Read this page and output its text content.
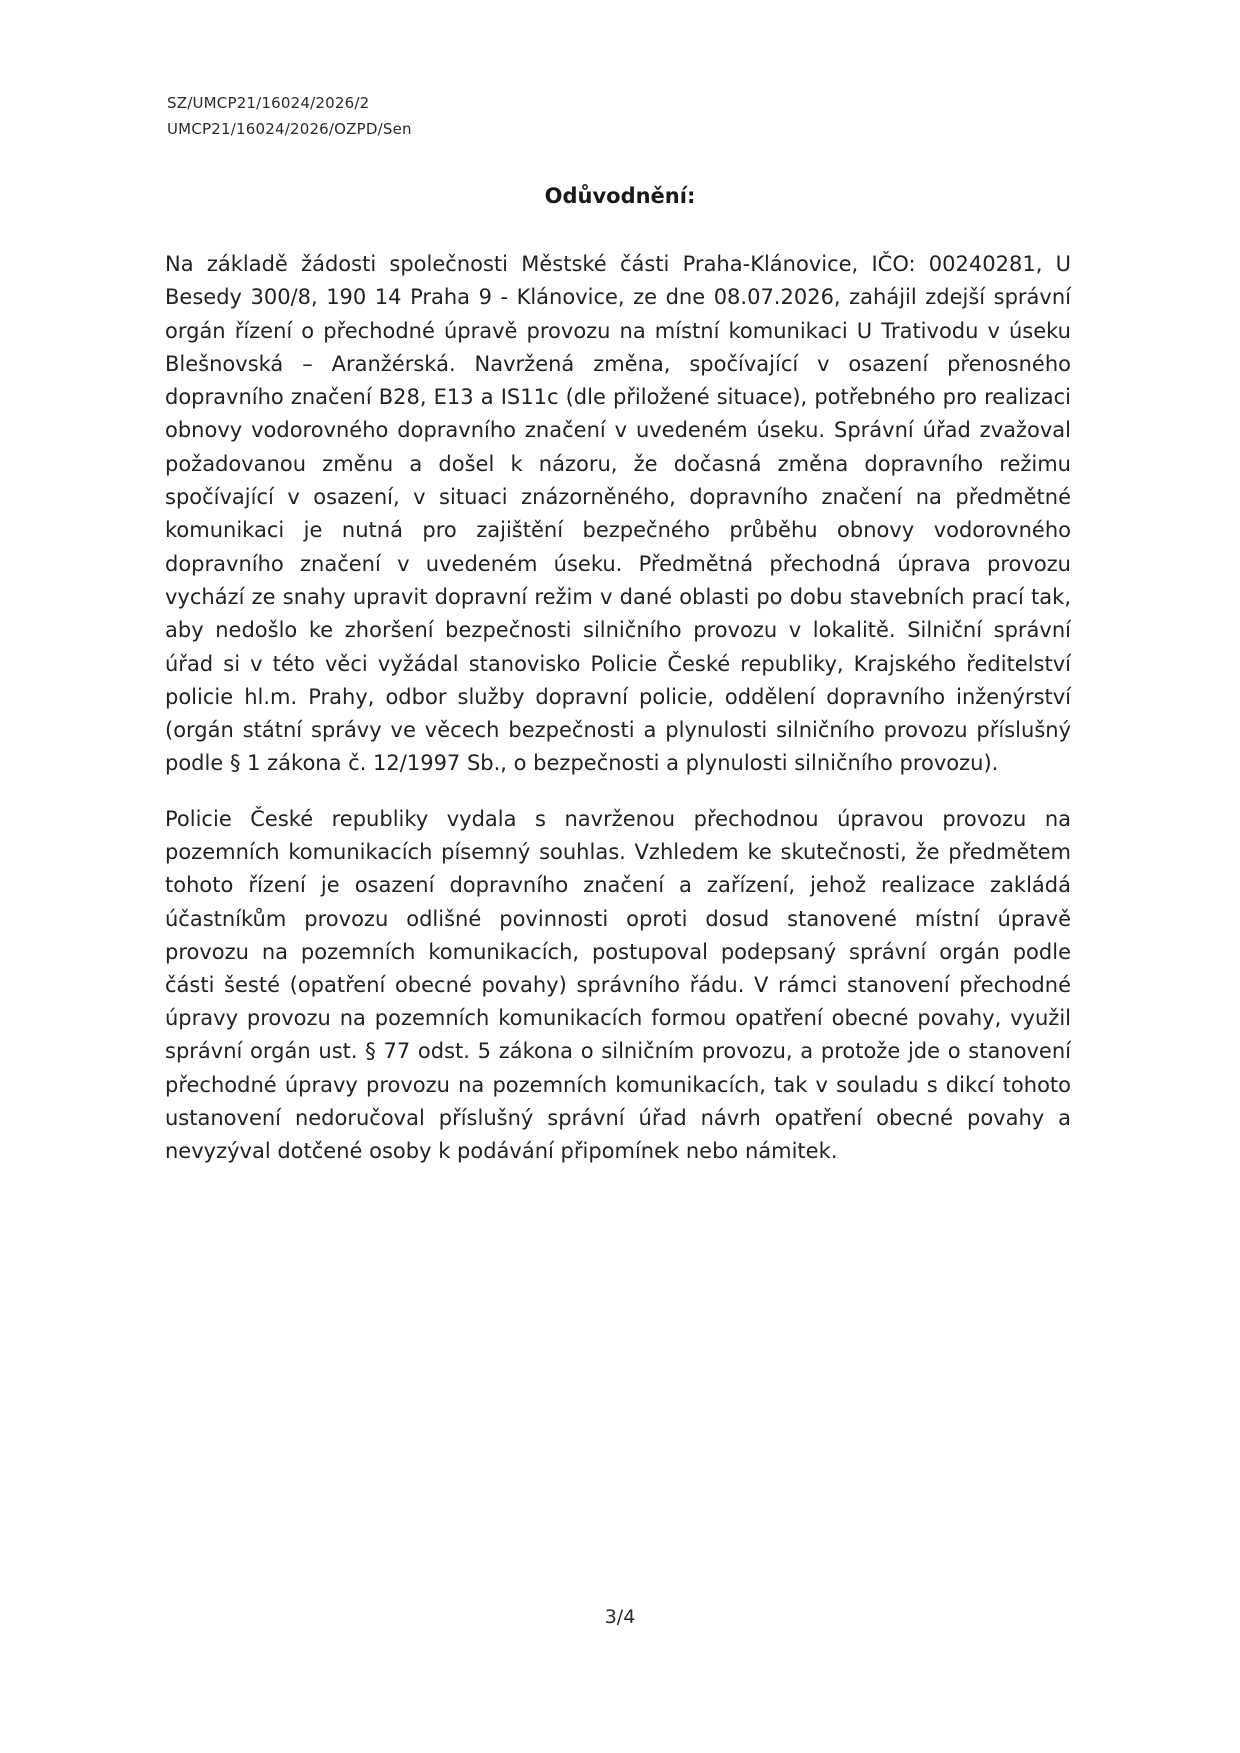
SZ/UMCP21/16024/2026/2
UMCP21/16024/2026/OZPD/Sen
Odůvodnění:

Na základě žádosti společnosti Městské části Praha-Klánovice, IČO: 00240281, U Besedy 300/8, 190 14 Praha 9 - Klánovice, ze dne 08.07.2026, zahájil zdejší správní orgán řízení o přechodné úpravě provozu na místní komunikaci U Trativodu v úseku Blešnovská – Aranžérská. Navržená změna, spočívající v osazení přenosného dopravního značení B28, E13 a IS11c (dle přiložené situace), potřebného pro realizaci obnovy vodorovného dopravního značení v uvedeném úseku. Správní úřad zvažoval požadovanou změnu a došel k názoru, že dočasná změna dopravního režimu spočívající v osazení, v situaci znázorněného, dopravního značení na předmětné komunikaci je nutná pro zajištění bezpečného průběhu obnovy vodorovného dopravního značení v uvedeném úseku. Předmětná přechodná úprava provozu vychází ze snahy upravit dopravní režim v dané oblasti po dobu stavebních prací tak, aby nedošlo ke zhoršení bezpečnosti silničního provozu v lokalitě. Silniční správní úřad si v této věci vyžádal stanovisko Policie České republiky, Krajského ředitelství policie hl.m. Prahy, odbor služby dopravní policie, oddělení dopravního inženýrství (orgán státní správy ve věcech bezpečnosti a plynulosti silničního provozu příslušný podle § 1 zákona č. 12/1997 Sb., o bezpečnosti a plynulosti silničního provozu).

Policie České republiky vydala s navrženou přechodnou úpravou provozu na pozemních komunikacích písemný souhlas. Vzhledem ke skutečnosti, že předmětem tohoto řízení je osazení dopravního značení a zařízení, jehož realizace zakládá účastníkům provozu odlišné povinnosti oproti dosud stanovené místní úpravě provozu na pozemních komunikacích, postupoval podepsaný správní orgán podle části šesté (opatření obecné povahy) správního řádu. V rámci stanovení přechodné úpravy provozu na pozemních komunikacích formou opatření obecné povahy, využil správní orgán ust. § 77 odst. 5 zákona o silničním provozu, a protože jde o stanovení přechodné úpravy provozu na pozemních komunikacích, tak v souladu s dikcí tohoto ustanovení nedoručoval příslušný správní úřad návrh opatření obecné povahy a nevyzýval dotčené osoby k podávání připomínek nebo námitek.

3/4
